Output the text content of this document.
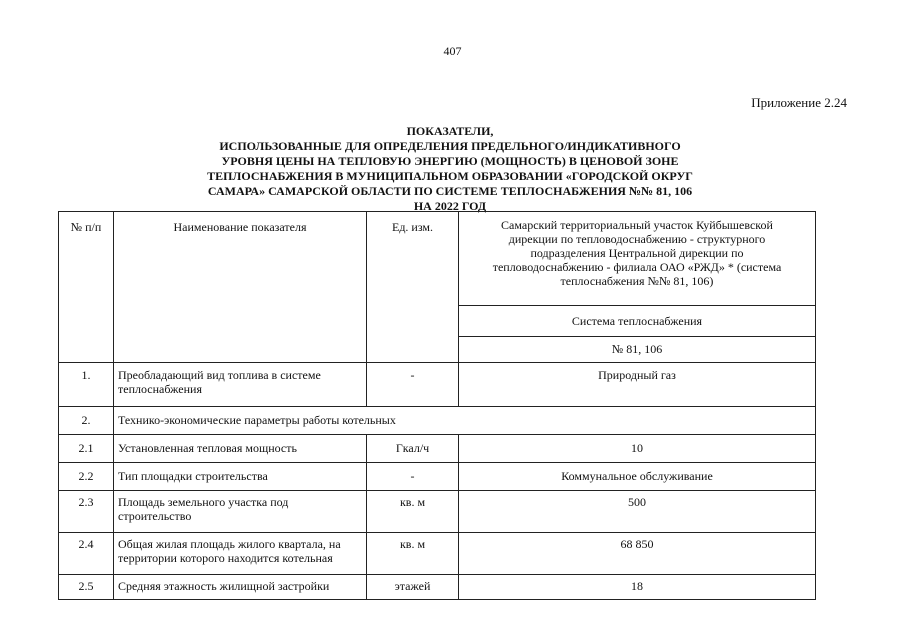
407
Приложение 2.24
ПОКАЗАТЕЛИ,
ИСПОЛЬЗОВАННЫЕ ДЛЯ ОПРЕДЕЛЕНИЯ ПРЕДЕЛЬНОГО/ИНДИКАТИВНОГО
УРОВНЯ ЦЕНЫ НА ТЕПЛОВУЮ ЭНЕРГИЮ (МОЩНОСТЬ) В ЦЕНОВОЙ ЗОНЕ
ТЕПЛОСНАБЖЕНИЯ В МУНИЦИПАЛЬНОМ ОБРАЗОВАНИИ «ГОРОДСКОЙ ОКРУГ
САМАРА» САМАРСКОЙ ОБЛАСТИ ПО СИСТЕМЕ ТЕПЛОСНАБЖЕНИЯ №№ 81, 106
НА 2022 ГОД
№ п/п	Наименование показателя	Ед. изм.	Самарский территориальный участок Куйбышевской
дирекции по тепловодоснабжению - структурного
подразделения Центральной дирекции по
тепловодоснабжению - филиала ОАО «РЖД» * (система
теплоснабжения №№ 81, 106)

			Система теплоснабжения
			№ 81, 106
1.	Преобладающий вид топлива в системе
теплоснабжения	-	Природный газ
2.	Технико-экономические параметры работы котельных		
2.1	Установленная тепловая мощность	Гкал/ч	10
2.2	Тип площадки строительства	-	Коммунальное обслуживание
2.3	Площадь земельного участка под
строительство	кв. м	500
2.4	Общая жилая площадь жилого квартала, на
территории которого находится котельная	кв. м	68 850
2.5	Средняя этажность жилищной застройки	этажей	18
